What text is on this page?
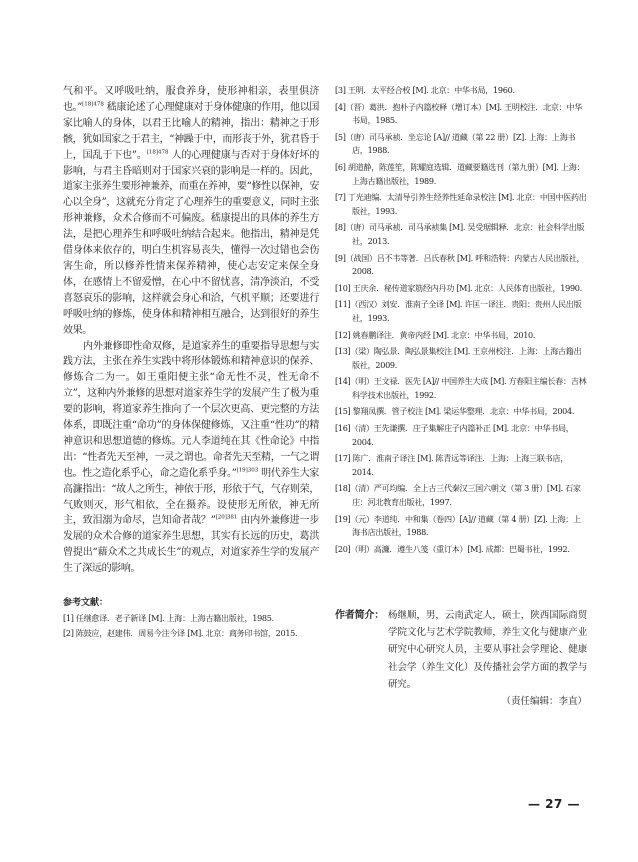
气和平。又呼吸吐纳，服食养身，使形神相亲，表里俱济也。”$^{[18]478}$ 嵇康论述了心理健康对于身体健康的作用，他以国家比喻人的身体，以君王比喻人的精神，指出：精神之于形骸，犹如国家之于君主，“神躁于中，而形丧于外，犹君昏于上，国乱于下也”。$^{[18]478}$ 人的心理健康与否对于身体好坏的影响，与君主昏暗则对于国家兴衰的影响是一样的。因此，道家主张养生要形神兼养，而重在养神，要“修性以保神，安心以全身”，这就充分肯定了心理养生的重要意义，同时主张形神兼修，众术合修而不可偏废。嵇康提出的具体的养生方法，是把心理养生和呼吸吐纳结合起来。他指出，精神是凭借身体来依存的，明白生机容易丧失，懂得一次过错也会伤害生命，所以修养性情来保养精神，使心志安定来保全身体，在感情上不留爱憎，在心中不留忧喜，清净淡泊，不受喜怒哀乐的影响，这样就会身心和洽，气机平顺；还要进行呼吸吐纳的修炼，使身体和精神相互融合，达到很好的养生效果。

内外兼修即性命双修，是道家养生的重要指导思想与实践方法，主张在养生实践中将形体锻炼和精神意识的保养、修炼合二为一。如王重阳便主张“命无性不灵，性无命不立”，这种内外兼修的思想对道家养生学的发展产生了极为重要的影响，将道家养生推向了一个层次更高、更完整的方法体系，即既注重“命功”的身体保健修炼，又注重“性功”的精神意识和思想道德的修炼。元人李道纯在其《性命论》中指出：“性者先天至神，一灵之谓也。命者先天至精，一气之谓也。性之造化系乎心，命之造化系乎身。”$^{[19]303}$ 明代养生大家高濂指出：“故人之所生，神依于形，形依于气，气存则荣，气败则灭，形气相依，全在摄养。设使形无所依，神无所主，致泪溺为命尽，岂知命者哉？”$^{[20]381}$ 由内外兼修进一步发展的众术合修的道家养生思想，其实有长远的历史，葛洪曾提出“藉众术之共成长生”的观点，对道家养生学的发展产生了深远的影响。

参考文献：
[1] 任继愈译．老子新译 [M]. 上海：上海古籍出版社，1985.
[2] 陈鼓应，赵建伟．周易今注今译 [M]. 北京：商务印书馆，2015.
[3] 王明．太平经合校 [M]. 北京：中华书局，1960.
[4]（晋）葛洪．抱朴子内篇校释（增订本）[M]. 王明校注．北京：中华书局，1985.
[5]（唐）司马承祯．坐忘论 [A]// 道藏（第 22 册）[Z]. 上海：上海书店，1988.
[6] 胡道静，陈莲笙，陈耀庭选辑．道藏要籍选刊（第九册）[M]. 上海：上海古籍出版社，1989.
[7] 丁光迪编．太清导引养生经养性延命录校注 [M]. 北京：中国中医药出版社，1993.
[8]（唐）司马承祯．司马承祯集 [M]. 吴受琚辑释．北京：社会科学出版社，2013.
[9]（战国）吕不韦等著．吕氏春秋 [M]. 呼和浩特：内蒙古人民出版社，2008.
[10] 王庆余．秘传道家筋经内丹功 [M]. 北京：人民体育出版社，1990.
[11]（西汉）刘安．淮南子全译 [M]. 许匡一译注．贵阳：贵州人民出版社，1993.
[12] 姚春鹏译注．黄帝内经 [M]. 北京：中华书局，2010.
[13]（梁）陶弘景．陶弘景集校注 [M]. 王京州校注．上海：上海古籍出版社，2009.
[14]（明）王文禄．医先 [A]// 中国养生大成 [M]. 方春阳主编长春：吉林科学技术出版社，1992.
[15] 黎翔凤撰．管子校注 [M]. 梁运华整理．北京：中华书局，2004.
[16]（清）王先谦撰．庄子集解庄子内篇补正 [M]. 北京：中华书局，2004.
[17] 陈广．淮南子译注 [M]. 陈青远等译注．上海：上海三联书店，2014.
[18]（清）严可均编．全上古三代秦汉三国六朝文（第 3 册）[M]. 石家庄：河北教育出版社，1997.
[19]（元）李道纯．中和集（卷四）[A]// 道藏（第 4 册）[Z]. 上海：上海书店出版社，1988.
[20]（明）高濂．遵生八笺（重订本）[M]. 成都：巴蜀书社，1992.
作者简介： 杨继顺，男，云南武定人，硕士，陕西国际商贸学院文化与艺术学院教师，养生文化与健康产业研究中心研究人员，主要从事社会学理论、健康社会学（养生文化）及传播社会学方面的教学与研究。
（责任编辑：李直）
— 27 —
